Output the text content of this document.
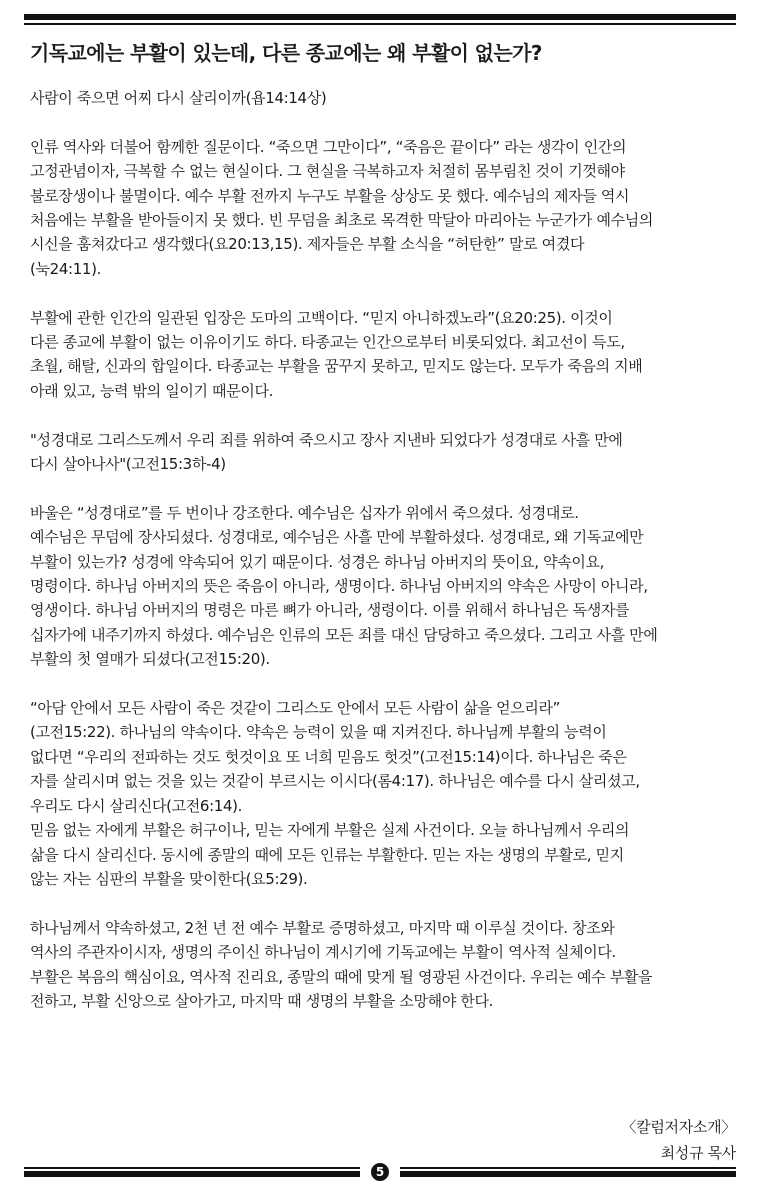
기독교에는 부활이 있는데, 다른 종교에는 왜 부활이 없는가?

사람이 죽으면 어찌 다시 살리이까(욥14:14상)

인류 역사와 더불어 함께한 질문이다. “죽으면 그만이다”, “죽음은 끝이다” 라는 생각이 인간의
고정관념이자, 극복할 수 없는 현실이다. 그 현실을 극복하고자 처절히 몸부림친 것이 기껏해야
불로장생이나 불멸이다. 예수 부활 전까지 누구도 부활을 상상도 못 했다. 예수님의 제자들 역시
처음에는 부활을 받아들이지 못 했다. 빈 무덤을 최초로 목격한 막달아 마리아는 누군가가 예수님의
시신을 훔쳐갔다고 생각했다(요20:13,15). 제자들은 부활 소식을 “허탄한” 말로 여겼다
(눅24:11).

부활에 관한 인간의 일관된 입장은 도마의 고백이다. “믿지 아니하겠노라”(요20:25). 이것이
다른 종교에 부활이 없는 이유이기도 하다. 타종교는 인간으로부터 비롯되었다. 최고선이 득도,
초월, 해탈, 신과의 합일이다. 타종교는 부활을 꿈꾸지 못하고, 믿지도 않는다. 모두가 죽음의 지배
아래 있고, 능력 밖의 일이기 때문이다.

"성경대로 그리스도께서 우리 죄를 위하여 죽으시고 장사 지낸바 되었다가 성경대로 사흘 만에
다시 살아나사"(고전15:3하-4)

바울은 “성경대로”를 두 번이나 강조한다. 예수님은 십자가 위에서 죽으셨다. 성경대로.
예수님은 무덤에 장사되셨다. 성경대로, 예수님은 사흘 만에 부활하셨다. 성경대로, 왜 기독교에만
부활이 있는가? 성경에 약속되어 있기 때문이다. 성경은 하나님 아버지의 뜻이요, 약속이요,
명령이다. 하나님 아버지의 뜻은 죽음이 아니라, 생명이다. 하나님 아버지의 약속은 사망이 아니라,
영생이다. 하나님 아버지의 명령은 마른 뼈가 아니라, 생령이다. 이를 위해서 하나님은 독생자를
십자가에 내주기까지 하셨다. 예수님은 인류의 모든 죄를 대신 담당하고 죽으셨다. 그리고 사흘 만에
부활의 첫 열매가 되셨다(고전15:20).

“아담 안에서 모든 사람이 죽은 것같이 그리스도 안에서 모든 사람이 삶을 얻으리라”
(고전15:22). 하나님의 약속이다. 약속은 능력이 있을 때 지켜진다. 하나님께 부활의 능력이
없다면 “우리의 전파하는 것도 헛것이요 또 너희 믿음도 헛것”(고전15:14)이다. 하나님은 죽은
자를 살리시며 없는 것을 있는 것같이 부르시는 이시다(롬4:17). 하나님은 예수를 다시 살리셨고,
우리도 다시 살리신다(고전6:14).
믿음 없는 자에게 부활은 허구이나, 믿는 자에게 부활은 실제 사건이다. 오늘 하나님께서 우리의
삶을 다시 살리신다. 동시에 종말의 때에 모든 인류는 부활한다. 믿는 자는 생명의 부활로, 믿지
않는 자는 심판의 부활을 맞이한다(요5:29).

하나님께서 약속하셨고, 2천 년 전 예수 부활로 증명하셨고, 마지막 때 이루실 것이다. 창조와
역사의 주관자이시자, 생명의 주이신 하나님이 계시기에 기독교에는 부활이 역사적 실체이다.
부활은 복음의 핵심이요, 역사적 진리요, 종말의 때에 맞게 될 영광된 사건이다. 우리는 예수 부활을
전하고, 부활 신앙으로 살아가고, 마지막 때 생명의 부활을 소망해야 한다.

〈칼럼저자소개〉
최성규 목사
5
